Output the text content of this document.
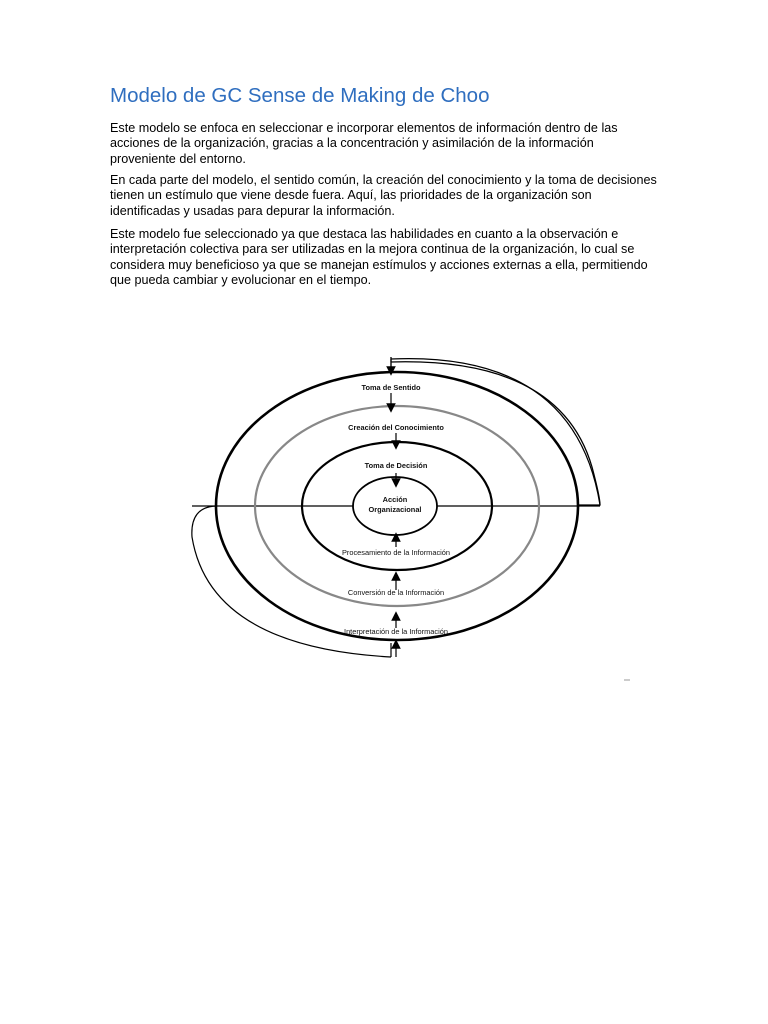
Modelo de GC Sense de Making de Choo

Este modelo se enfoca en seleccionar e incorporar elementos de información dentro de las acciones de la organización, gracias a la concentración y asimilación de la información proveniente del entorno.

En cada parte del modelo, el sentido común, la creación del conocimiento y la toma de decisiones tienen un estímulo que viene desde fuera. Aquí, las prioridades de la organización son identificadas y usadas para depurar la información.

Este modelo fue seleccionado ya que destaca las habilidades en cuanto a la observación e interpretación colectiva para ser utilizadas en la mejora continua de la organización, lo cual se considera muy beneficioso ya que se manejan estímulos y acciones externas a ella, permitiendo que pueda cambiar y evolucionar en el tiempo.

Toma de Sentido
Creación del Conocimiento
Toma de Decisión
Acción
Organizacional
Procesamiento de la Información
Conversión de la Información
Interpretación de la Información
